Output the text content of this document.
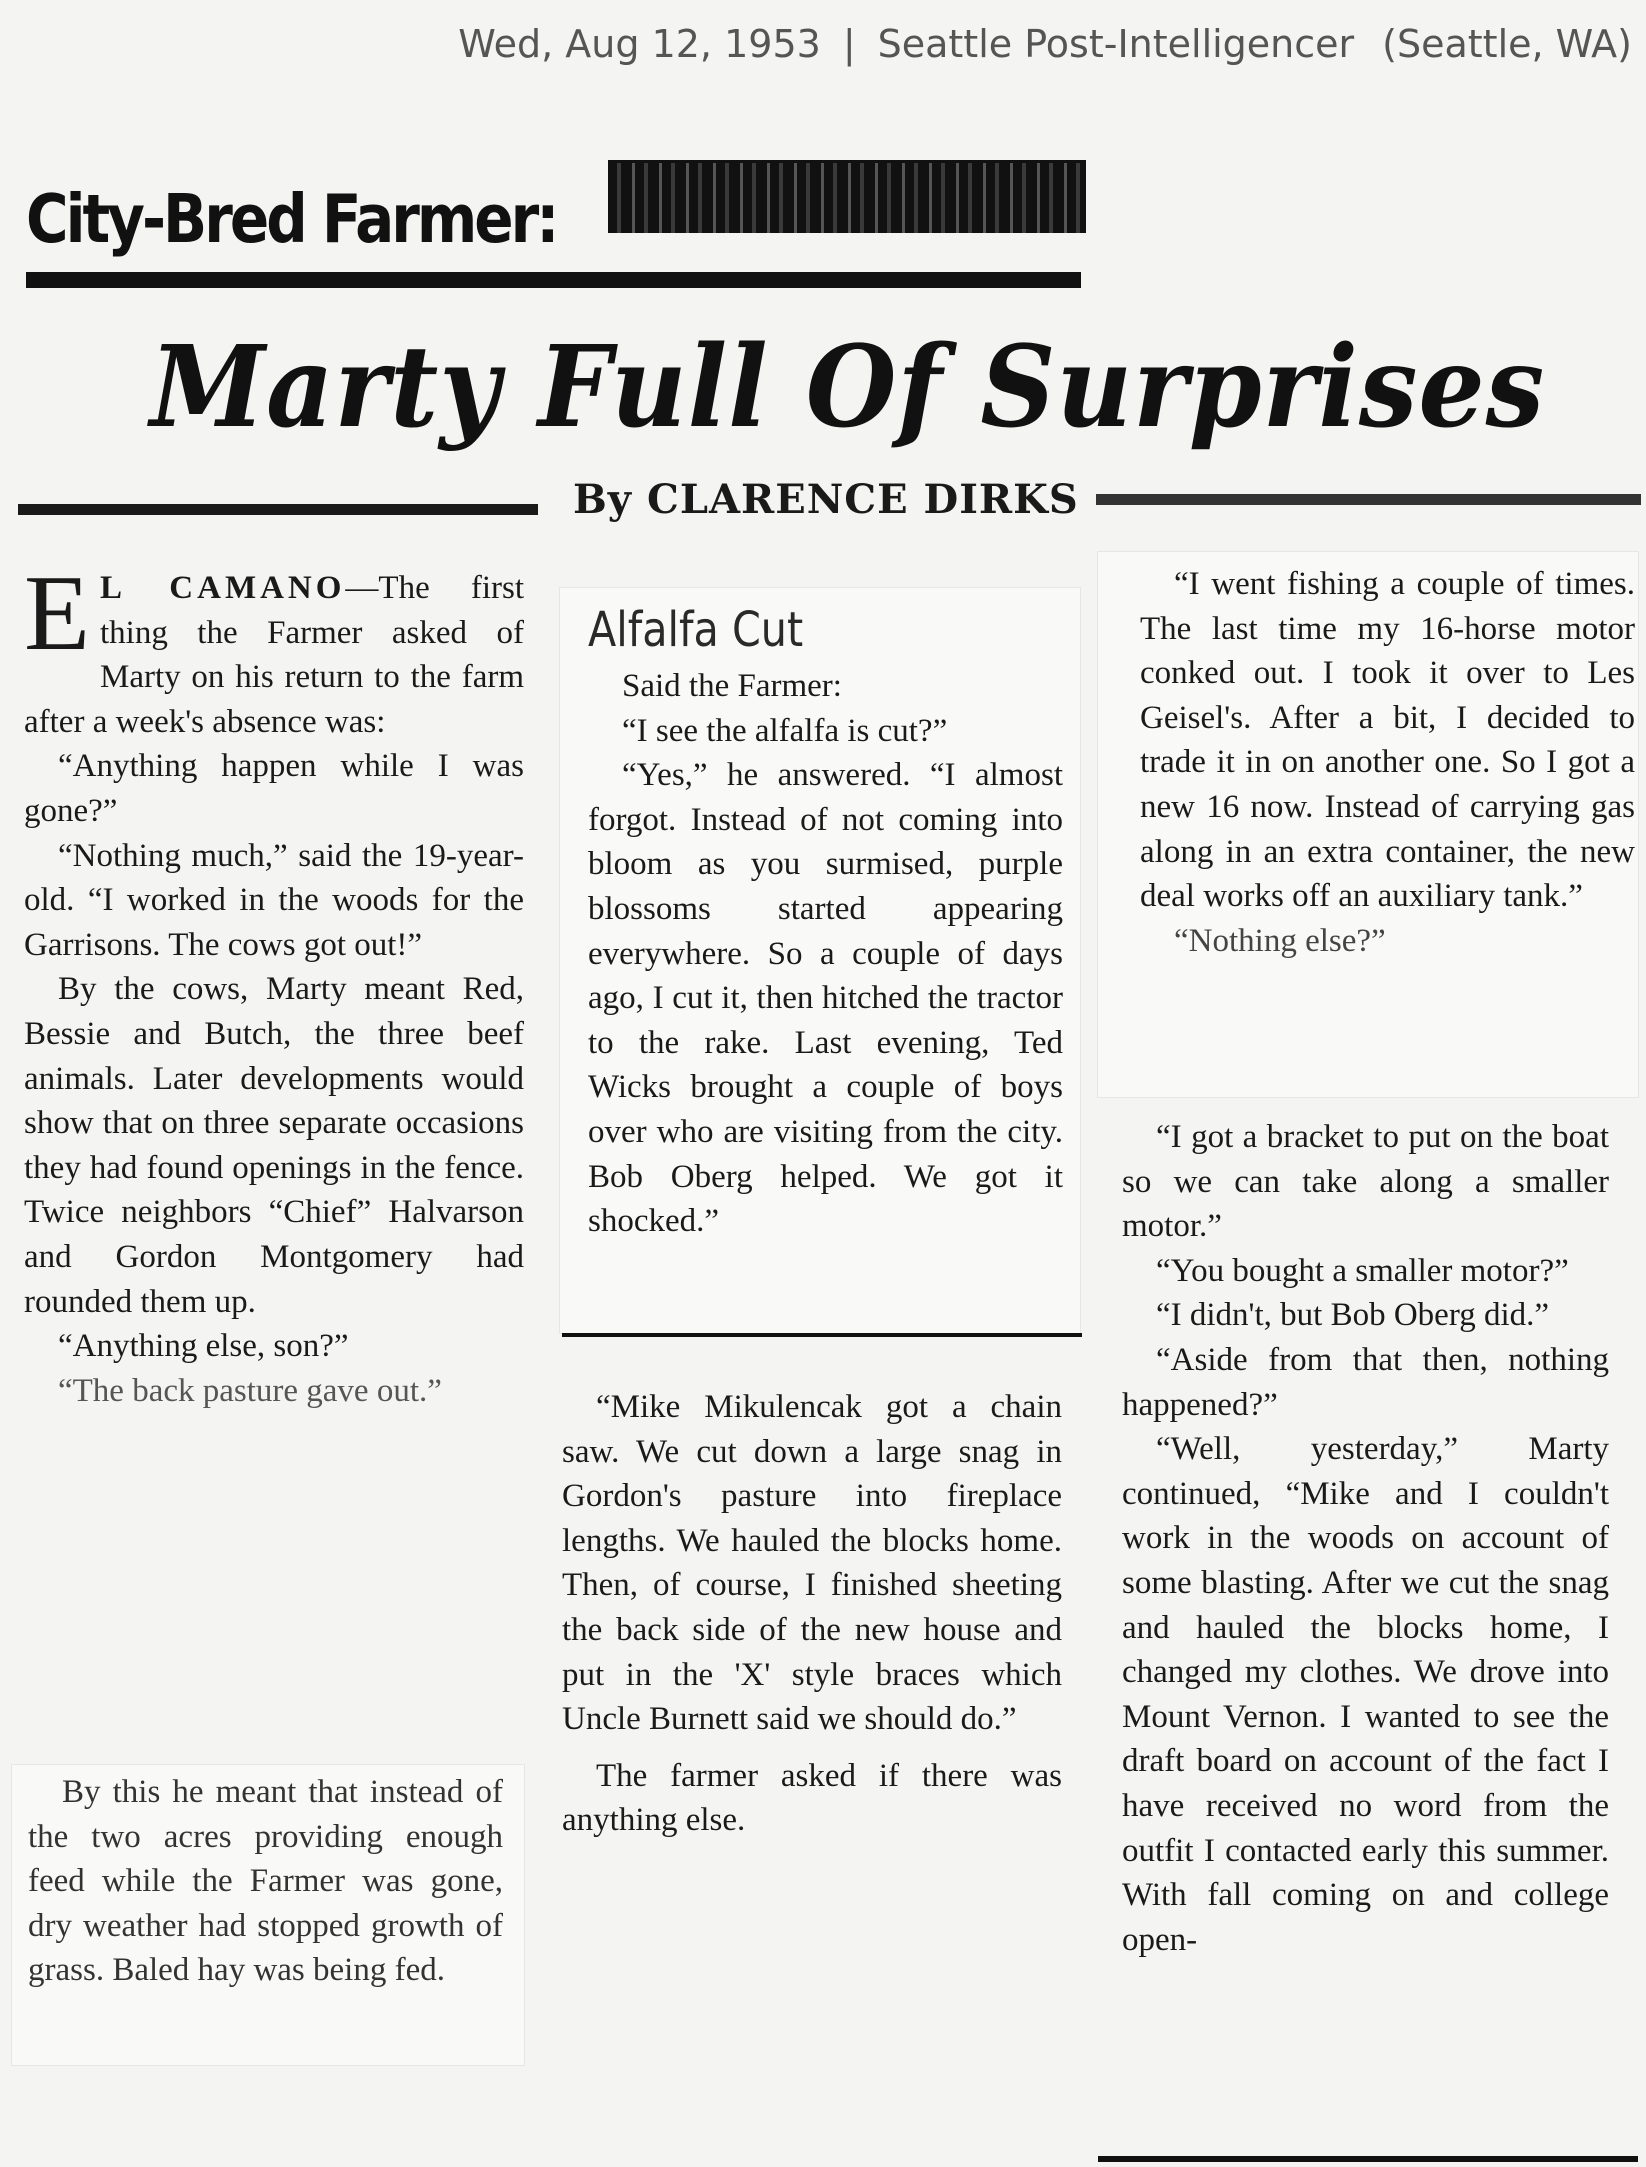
Wed, Aug 12, 1953 | Seattle Post-Intelligencer (Seattle, WA)
City-Bred Farmer:
Marty Full Of Surprises
By CLARENCE DIRKS

E L CAMANO—The first thing the Farmer asked of Marty on his return to the farm after a week's absence was:

“Anything happen while I was gone?”

“Nothing much,” said the 19-year-old. “I worked in the woods for the Garrisons. The cows got out!”

By the cows, Marty meant Red, Bessie and Butch, the three beef animals. Later developments would show that on three separate occasions they had found openings in the fence. Twice neighbors “Chief” Halvarson and Gordon Montgomery had rounded them up.

“Anything else, son?”

“The back pasture gave out.”

By this he meant that instead of the two acres providing enough feed while the Farmer was gone, dry weather had stopped growth of grass. Baled hay was being fed.

Alfalfa Cut

Said the Farmer:

“I see the alfalfa is cut?”

“Yes,” he answered. “I almost forgot. Instead of not coming into bloom as you surmised, purple blossoms started appearing everywhere. So a couple of days ago, I cut it, then hitched the tractor to the rake. Last evening, Ted Wicks brought a couple of boys over who are visiting from the city. Bob Oberg helped. We got it shocked.”

“Mike Mikulencak got a chain saw. We cut down a large snag in Gordon's pasture into fireplace lengths. We hauled the blocks home. Then, of course, I finished sheeting the back side of the new house and put in the 'X' style braces which Uncle Burnett said we should do.”

The farmer asked if there was anything else.

“I went fishing a couple of times. The last time my 16-horse motor conked out. I took it over to Les Geisel's. After a bit, I decided to trade it in on another one. So I got a new 16 now. Instead of carrying gas along in an extra container, the new deal works off an auxiliary tank.”

“Nothing else?”

“I got a bracket to put on the boat so we can take along a smaller motor.”

“You bought a smaller motor?”

“I didn't, but Bob Oberg did.”

“Aside from that then, nothing happened?”

“Well, yesterday,” Marty continued, “Mike and I couldn't work in the woods on account of some blasting. After we cut the snag and hauled the blocks home, I changed my clothes. We drove into Mount Vernon. I wanted to see the draft board on account of the fact I have received no word from the outfit I contacted early this summer. With fall coming on and college open-
